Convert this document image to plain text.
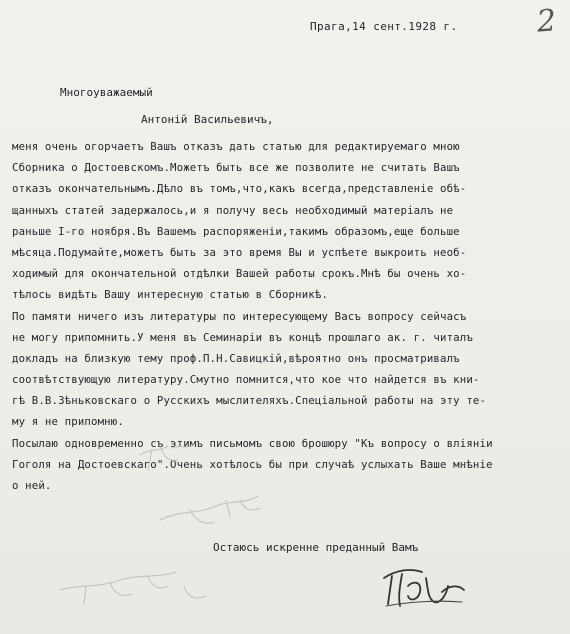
2
Прага,14 сент.1928 г.
Многоуважаемый
Антоній Васильевичъ,
меня очень огорчаетъ Вашъ отказъ дать статью для редактируемаго мною
Сборника о Достоевскомъ.Можетъ быть все же позволите не считать Вашъ
отказъ окончательнымъ.Дѣло въ томъ,что,какъ всегда,представленіе обѣ-
щанныхъ статей задержалось,и я получу весь необходимый матеріалъ не
раньше І-го ноября.Въ Вашемъ распоряженіи,такимъ образомъ,еще больше
мѣсяца.Подумайте,можетъ быть за это время Вы и успѣете выкроить необ-
ходимый для окончательной отдѣлки Вашей работы срокъ.Мнѣ бы очень хо-
тѣлось видѣть Вашу интересную статью в Сборникѣ.
По памяти ничего изъ литературы по интересующему Васъ вопросу сейчасъ
не могу припомнить.У меня въ Семинаріи въ концѣ прошлаго ак. г. читалъ
докладъ на близкую тему проф.П.Н.Савицкій,вѣроятно онъ просматривалъ
соотвѣтствующую литературу.Смутно помнится,что кое что найдется въ кни-
гѣ В.В.Зѣньковскаго о Русскихъ мыслителяхъ.Спеціальной работы на эту те-
му я не припомню.
Посылаю одновременно съ этимъ письмомъ свою брошюру "Къ вопросу о вліяніи
Гоголя на Достоевскаго".Очень хотѣлось бы при случаѣ услыхать Ваше мнѣніе
о ней.
Остаюсь искренне преданный Вамъ
